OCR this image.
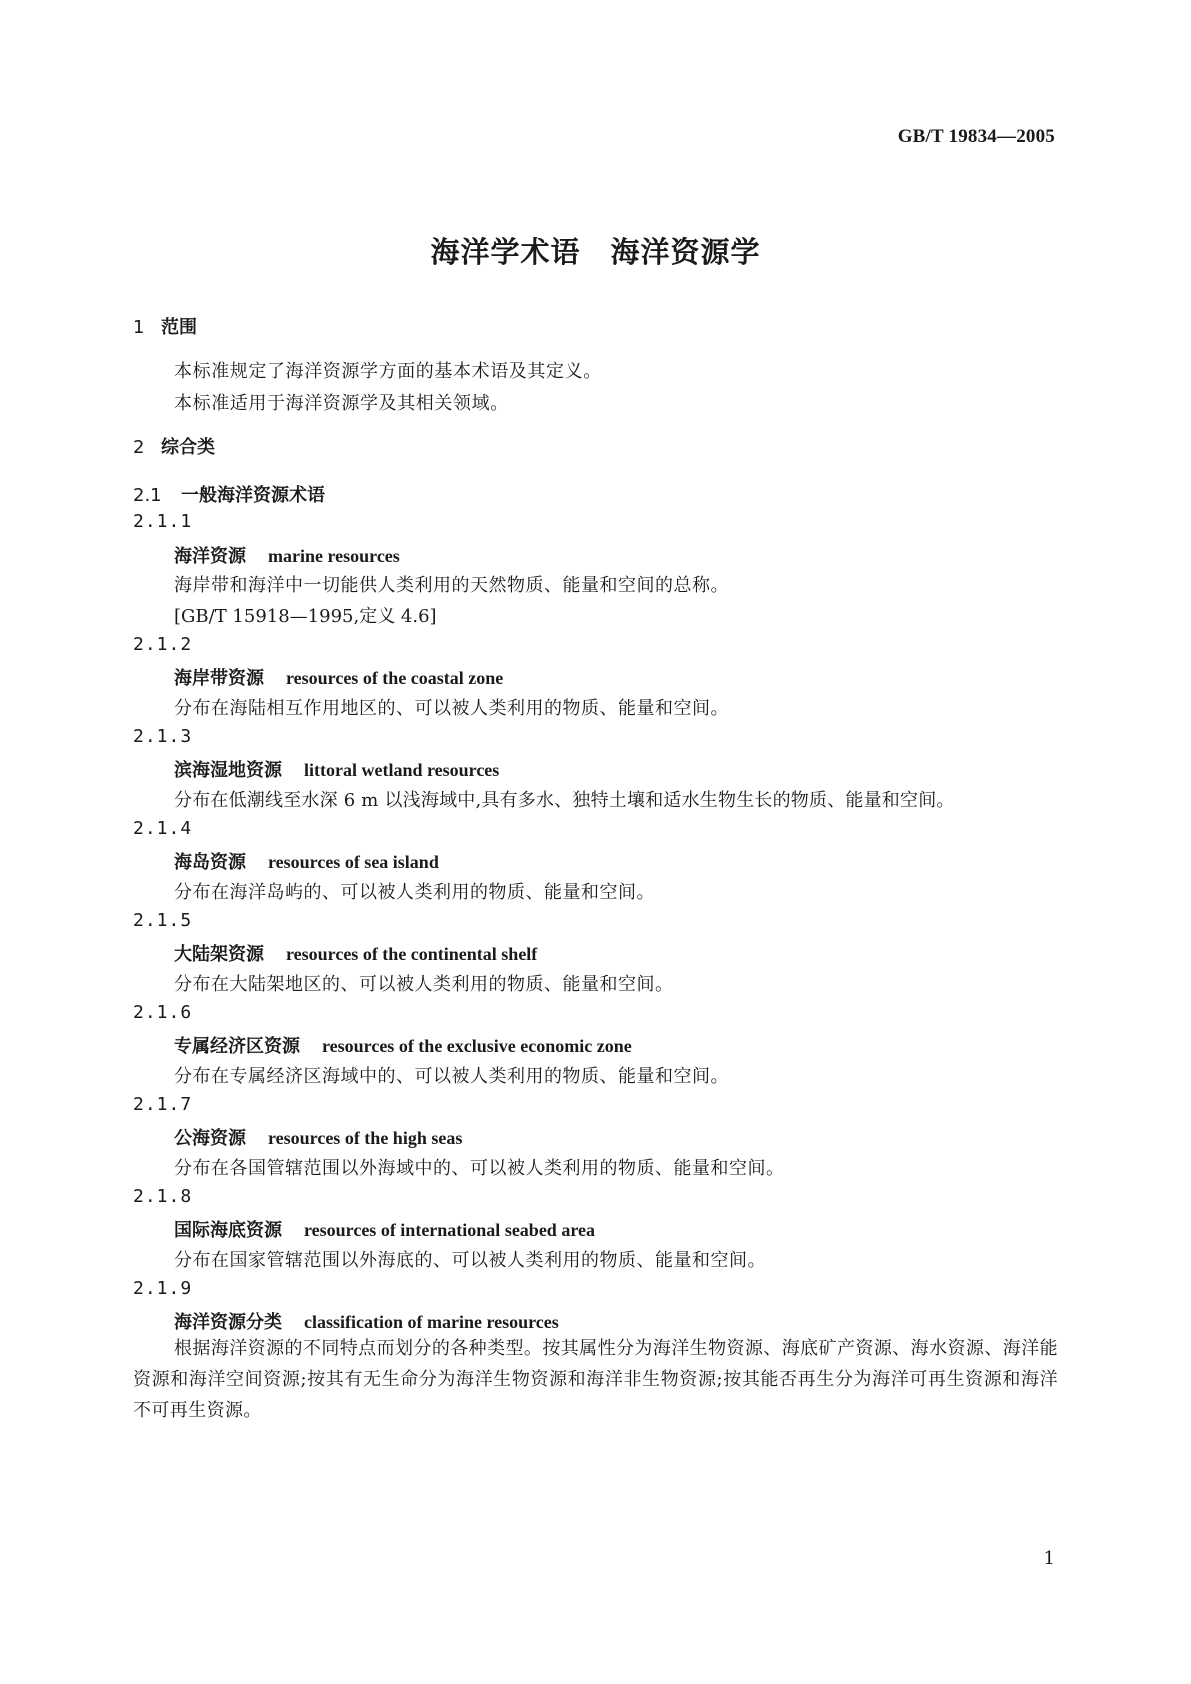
GB/T 19834—2005
海洋学术语 海洋资源学
1 范围
本标准规定了海洋资源学方面的基本术语及其定义。
本标准适用于海洋资源学及其相关领域。
2 综合类
2.1 一般海洋资源术语
2.1.1
海洋资源 marine resources
海岸带和海洋中一切能供人类利用的天然物质、能量和空间的总称。
[GB/T 15918—1995,定义 4.6]
2.1.2
海岸带资源 resources of the coastal zone
分布在海陆相互作用地区的、可以被人类利用的物质、能量和空间。
2.1.3
滨海湿地资源 littoral wetland resources
分布在低潮线至水深 6 m 以浅海域中,具有多水、独特土壤和适水生物生长的物质、能量和空间。
2.1.4
海岛资源 resources of sea island
分布在海洋岛屿的、可以被人类利用的物质、能量和空间。
2.1.5
大陆架资源 resources of the continental shelf
分布在大陆架地区的、可以被人类利用的物质、能量和空间。
2.1.6
专属经济区资源 resources of the exclusive economic zone
分布在专属经济区海域中的、可以被人类利用的物质、能量和空间。
2.1.7
公海资源 resources of the high seas
分布在各国管辖范围以外海域中的、可以被人类利用的物质、能量和空间。
2.1.8
国际海底资源 resources of international seabed area
分布在国家管辖范围以外海底的、可以被人类利用的物质、能量和空间。
2.1.9
海洋资源分类 classification of marine resources
根据海洋资源的不同特点而划分的各种类型。按其属性分为海洋生物资源、海底矿产资源、海水资源、海洋能资源和海洋空间资源;按其有无生命分为海洋生物资源和海洋非生物资源;按其能否再生分为海洋可再生资源和海洋不可再生资源。
1
